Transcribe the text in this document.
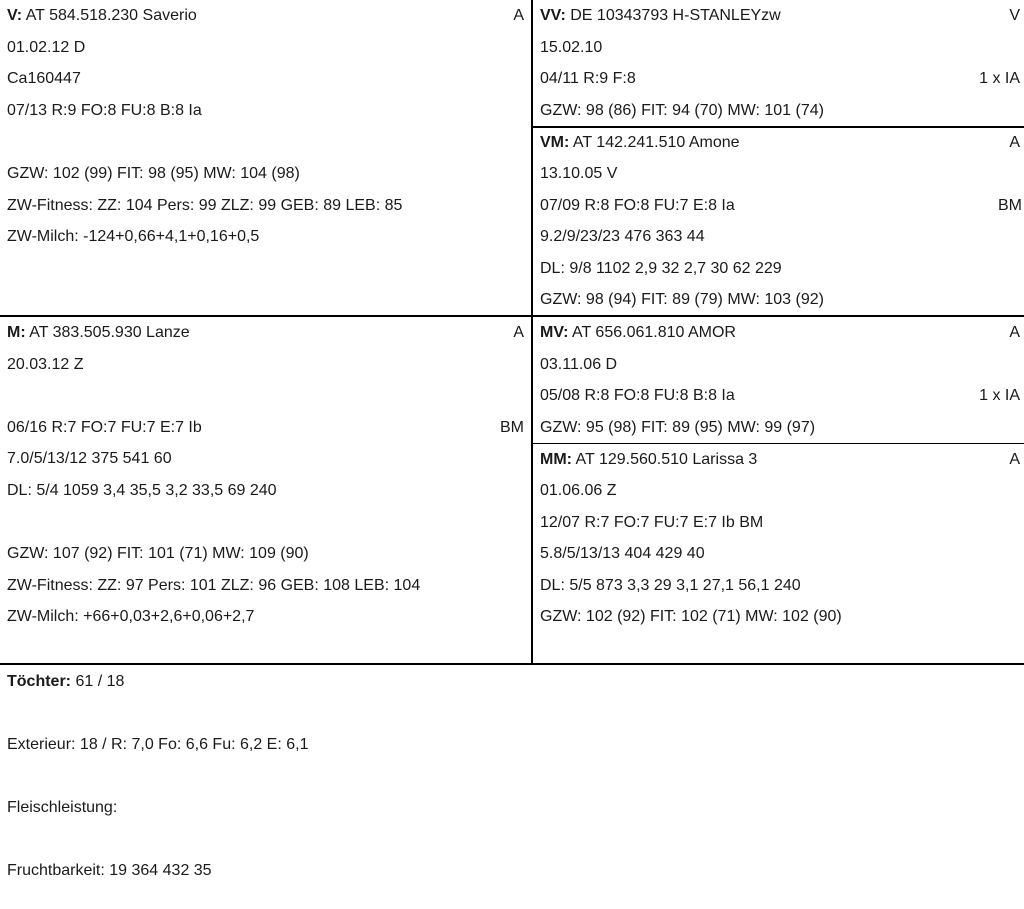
V: AT 584.518.230 Saverio	A
01.02.12 D
Ca160447
07/13 R:9 FO:8 FU:8 B:8 Ia
GZW: 102 (99) FIT: 98 (95) MW: 104 (98)
ZW-Fitness: ZZ: 104 Pers: 99 ZLZ: 99 GEB: 89 LEB: 85
ZW-Milch: -124+0,66+4,1+0,16+0,5
VV: DE 10343793 H-STANLEYzw	V
15.02.10
04/11 R:9 F:8	1 x IA
GZW: 98 (86) FIT: 94 (70) MW: 101 (74)
VM: AT 142.241.510 Amone	A
13.10.05 V
07/09 R:8 FO:8 FU:7 E:8 Ia	BM
9.2/9/23/23 476 363 44
DL: 9/8 1102 2,9 32 2,7 30 62 229
GZW: 98 (94) FIT: 89 (79) MW: 103 (92)
M: AT 383.505.930 Lanze	A
20.03.12 Z
06/16 R:7 FO:7 FU:7 E:7 Ib	BM
7.0/5/13/12 375 541 60
DL: 5/4 1059 3,4 35,5 3,2 33,5 69 240
GZW: 107 (92) FIT: 101 (71) MW: 109 (90)
ZW-Fitness: ZZ: 97 Pers: 101 ZLZ: 96 GEB: 108 LEB: 104
ZW-Milch: +66+0,03+2,6+0,06+2,7
MV: AT 656.061.810 AMOR	A
03.11.06 D
05/08 R:8 FO:8 FU:8 B:8 Ia	1 x IA
GZW: 95 (98) FIT: 89 (95) MW: 99 (97)
MM: AT 129.560.510 Larissa 3	A
01.06.06 Z
12/07 R:7 FO:7 FU:7 E:7 Ib BM
5.8/5/13/13 404 429 40
DL: 5/5 873 3,3 29 3,1 27,1 56,1 240
GZW: 102 (92) FIT: 102 (71) MW: 102 (90)
Töchter: 61 / 18
Exterieur: 18 / R: 7,0 Fo: 6,6 Fu: 6,2 E: 6,1
Fleischleistung:
Fruchtbarkeit: 19 364 432 35
